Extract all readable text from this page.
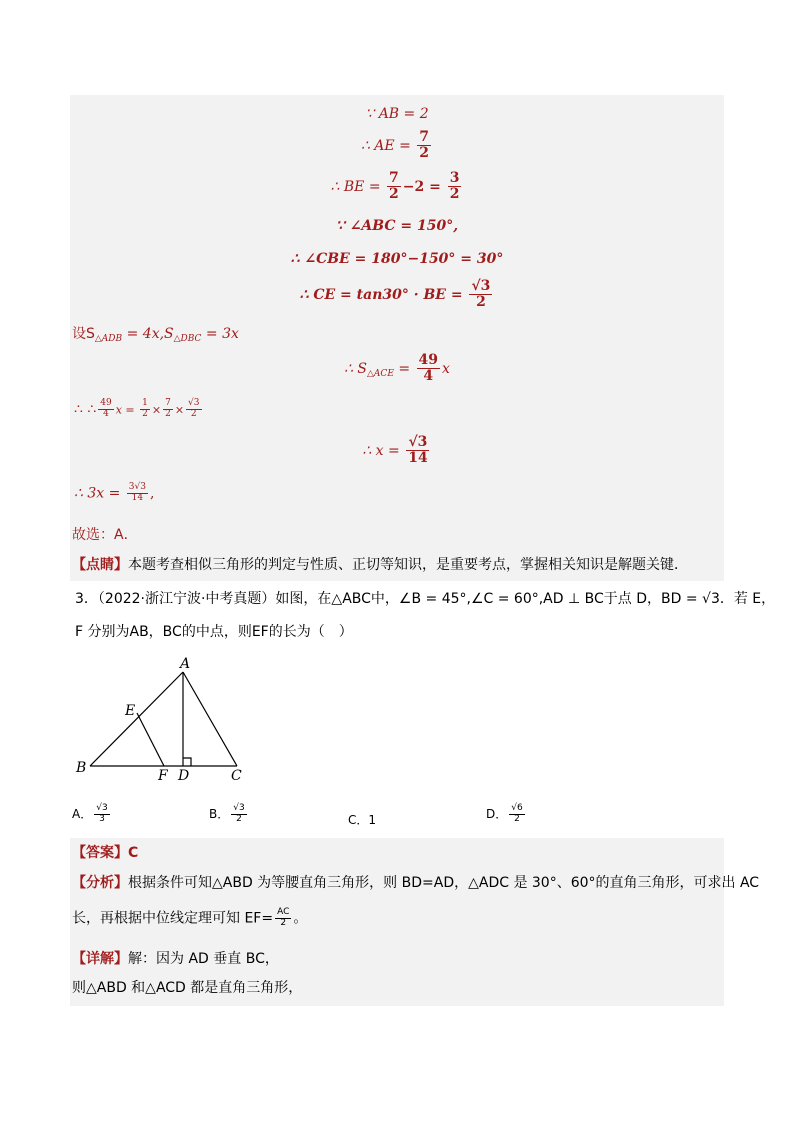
∵ AB = 2
∴ AE = $\frac{7}{2}$
∴ BE = $\frac{7}{2} -2 = \frac{3}{2}$
∵ ∠ABC = 150°,
∴ ∠CBE = 180°−150° = 30°
∴ CE = tan30° · BE = $\frac{√3}{2}$
设$S_{\triangle ADB} = 4x,S_{\triangle DBC} = 3x$
∴ $S_{\triangle ACE} = \frac{49}{4}$ x
∴ ∴ $\frac{49}{4}$ $x = \frac{1}{2} \times \frac{7}{2} \times \frac{√3}{2}$
∴ $x = \frac{√3}{14}$
∴ $3x = \frac{3√3}{14}$ ,
故选：A．
【点睛】本题考查相似三角形的判定与性质、正切等知识，是重要考点，掌握相关知识是解题关键．
3．（2022·浙江宁波·中考真题）如图，在△ABC中，∠B = 45°,∠C = 60°,AD ⊥ BC于点 D，BD = √3．若 E，
F 分别为AB，BC的中点，则EF的长为（　）
A
B	C
D
E
F
A． $\frac{√3}{3}$	B． $\frac{√3}{2}$	C．1	D． $\frac{√6}{2}$
【答案】C
【分析】根据条件可知△ABD 为等腰直角三角形，则 BD=AD，△ADC 是 30°、60°的直角三角形，可求出 AC
长，再根据中位线定理可知 $EF= \frac{AC}{2}$ 。
【详解】解：因为 AD 垂直 BC，
则△ABD 和△ACD 都是直角三角形，
